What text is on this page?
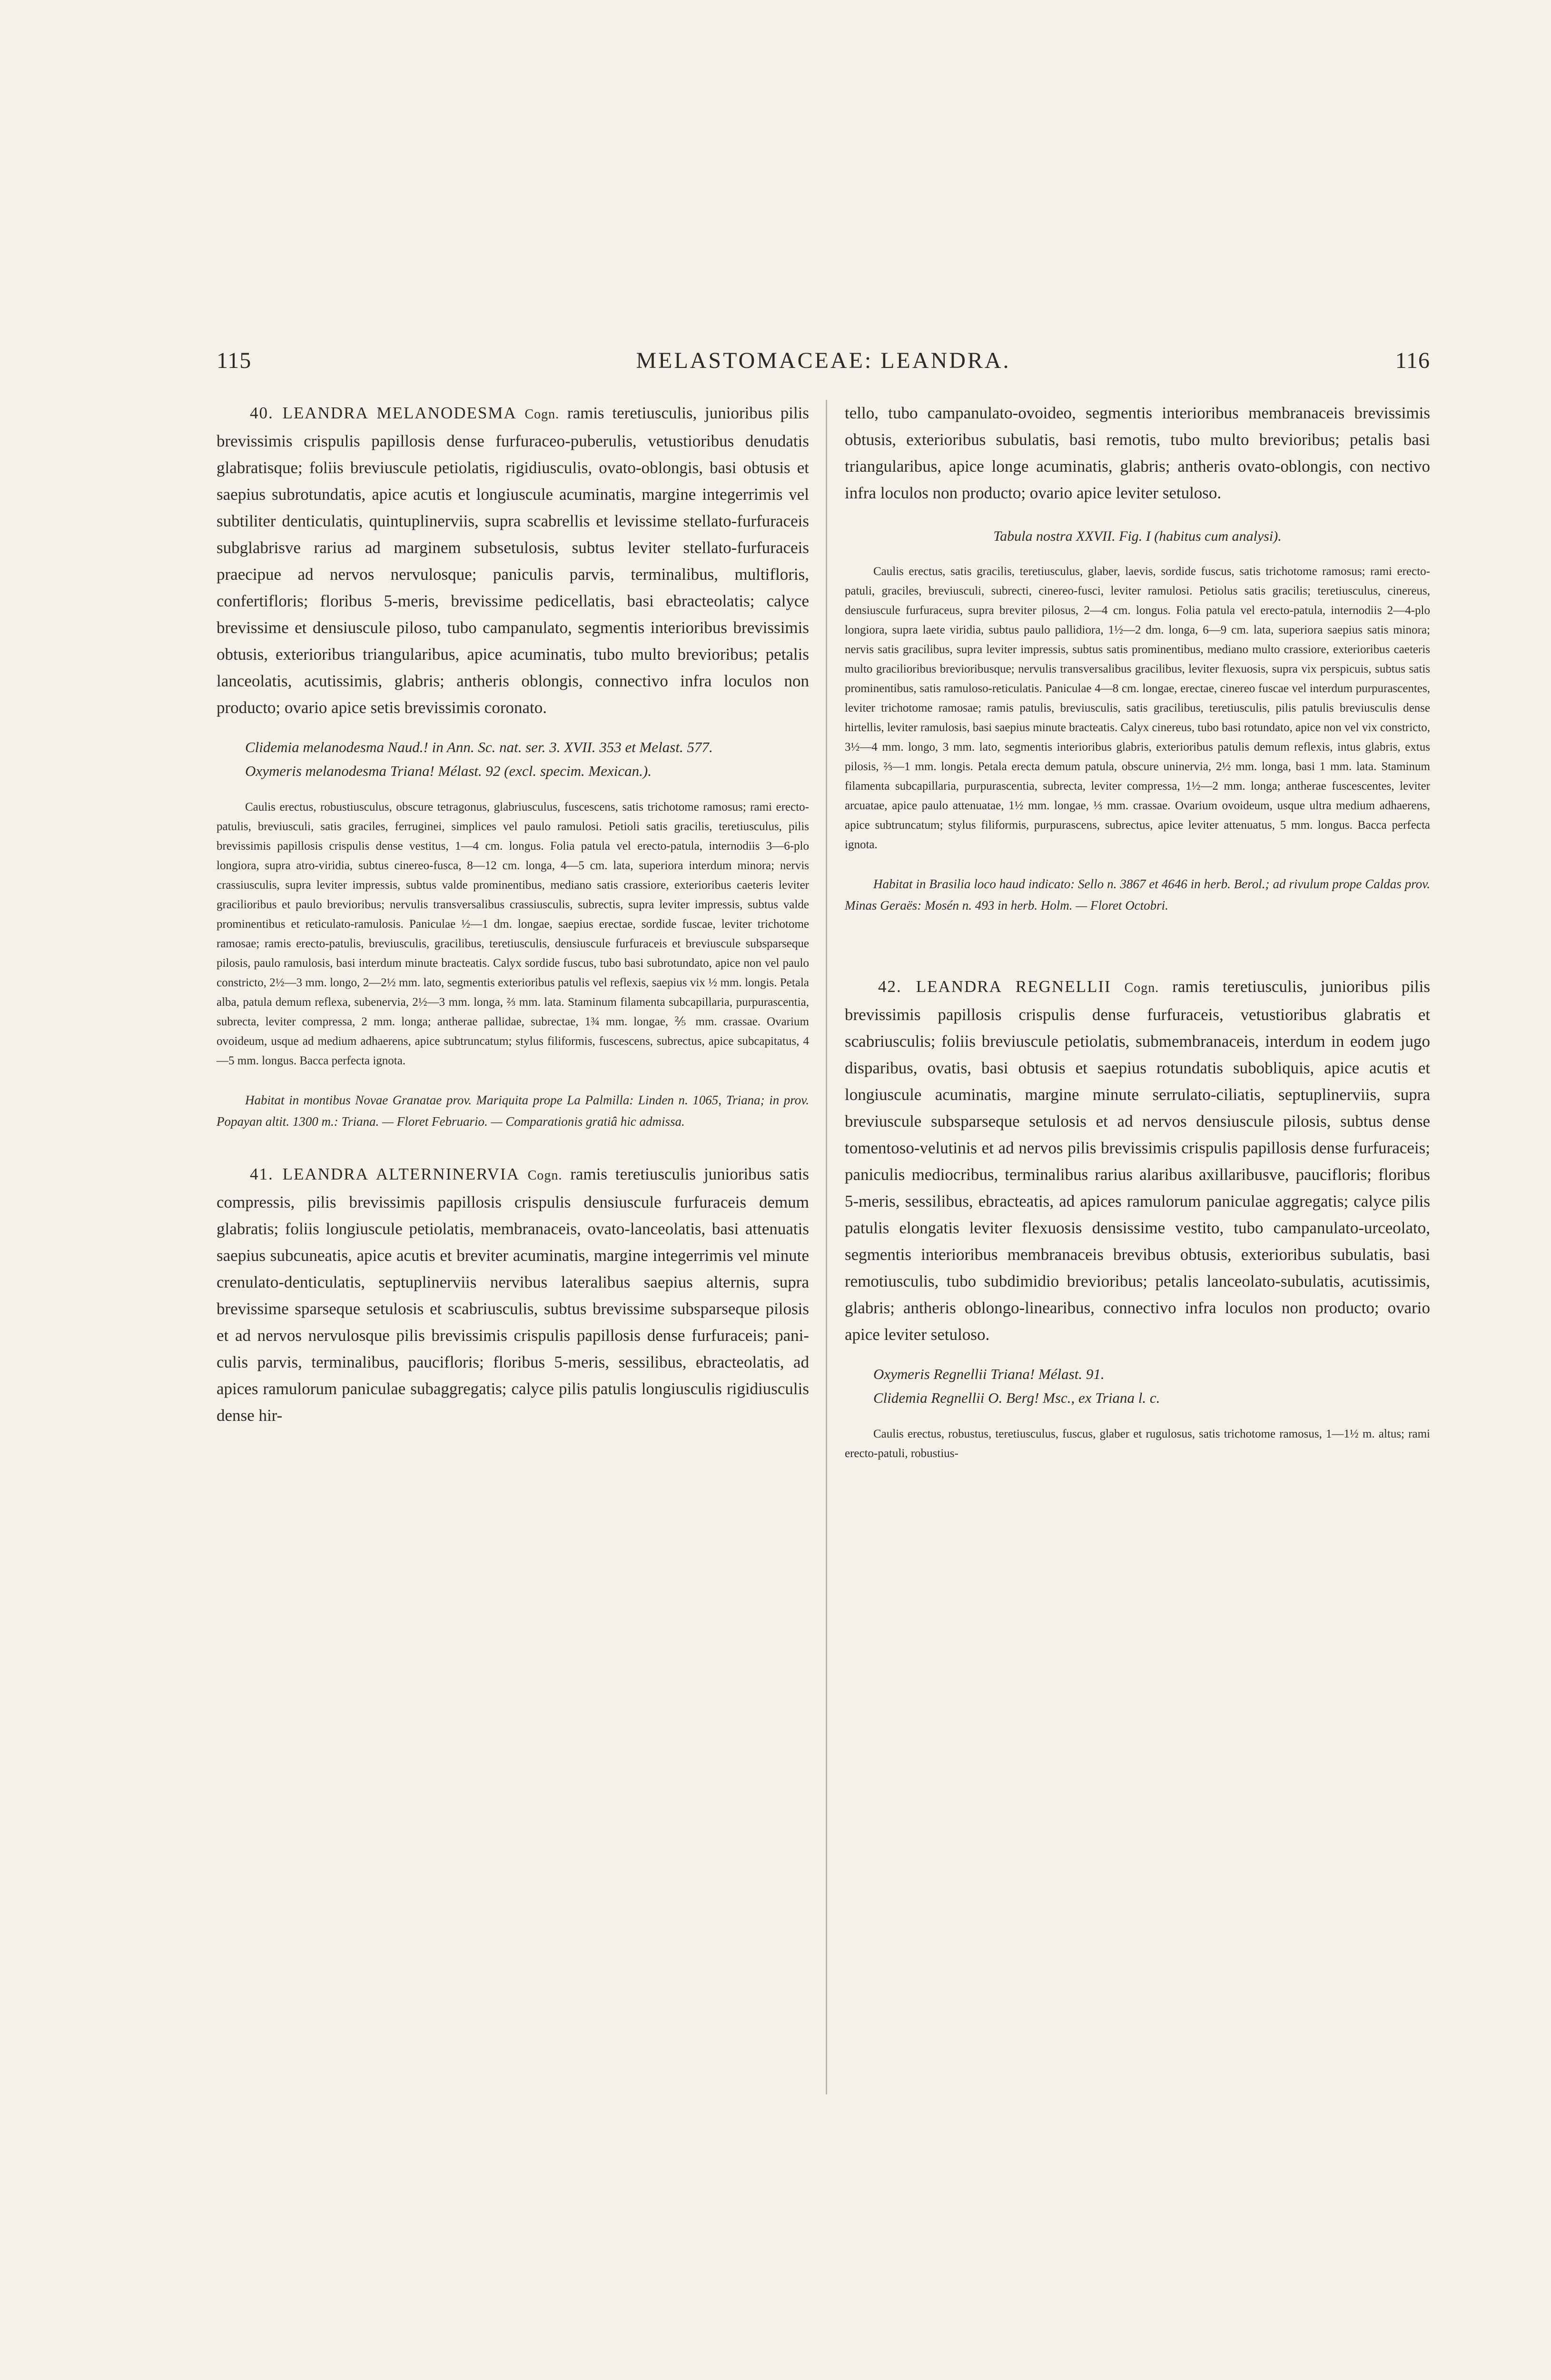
115	MELASTOMACEAE: LEANDRA.	116

40. LEANDRA MELANODESMA Cogn. ramis teretiusculis, junioribus pilis brevissimis crispulis papillosis dense furfuraceo-puberulis, vetustioribus denudatis glabratisque; foliis breviuscule petiolatis, rigidiusculis, ovato-oblongis, basi obtusis et saepius subrotundatis, apice acutis et longiuscule acuminatis, margine integerrimis vel subtiliter denticulatis, quintuplinerviis, supra scabrellis et levissime stellato-furfuraceis subglabrisve rarius ad marginem subsetulosis, subtus leviter stellato-furfuraceis praecipue ad nervos nervulosque; paniculis parvis, terminalibus, multifloris, confertifloris; floribus 5-meris, brevissime pedicellatis, basi ebracteolatis; calyce brevissime et densiuscule piloso, tubo campanulato, segmentis interioribus brevissimis obtusis, exterioribus triangularibus, apice acuminatis, tubo multo brevioribus; petalis lanceolatis, acutissimis, glabris; antheris oblongis, connectivo infra loculos non producto; ovario apice setis brevissimis coronato.

Clidemia melanodesma Naud.! in Ann. Sc. nat. ser. 3. XVII. 353 et Melast. 577.

Oxymeris melanodesma Triana! Mélast. 92 (excl. specim. Mexican.).

Caulis erectus, robustiusculus, obscure tetragonus, glabriusculus, fuscescens, satis trichotome ramosus; rami erecto-patulis, breviusculi, satis graciles, ferruginei, simplices vel paulo ramulosi. Petioli satis gracilis, teretiusculus, pilis brevissimis papillosis crispulis dense vestitus, 1—4 cm. longus. Folia patula vel erecto-patula, internodiis 3—6-plo longiora, supra atro-viridia, subtus cinereo-fusca, 8—12 cm. longa, 4—5 cm. lata, superiora interdum minora; nervis crassiusculis, supra leviter impressis, subtus valde prominentibus, mediano satis crassiore, exterioribus caeteris leviter gracilioribus et paulo brevioribus; nervulis transversalibus crassiusculis, subrectis, supra leviter impressis, subtus valde prominentibus et reticulato-ramulosis. Paniculae ½—1 dm. longae, saepius erectae, sordide fuscae, leviter trichotome ramosae; ramis erecto-patulis, breviusculis, gracilibus, teretiusculis, densiuscule furfuraceis et breviuscule subsparseque pilosis, paulo ramulosis, basi interdum minute bracteatis. Calyx sordide fuscus, tubo basi subrotundato, apice non vel paulo constricto, 2½—3 mm. longo, 2—2½ mm. lato, segmentis exterioribus patulis vel reflexis, saepius vix ½ mm. longis. Petala alba, patula demum reflexa, subenervia, 2½—3 mm. longa, ⅔ mm. lata. Staminum filamenta subcapillaria, purpurascentia, subrecta, leviter compressa, 2 mm. longa; antherae pallidae, subrectae, 1¾ mm. longae, ⅖ mm. crassae. Ovarium ovoideum, usque ad medium adhaerens, apice subtruncatum; stylus filiformis, fuscescens, subrectus, apice subcapitatus, 4—5 mm. longus. Bacca perfecta ignota.

Habitat in montibus Novae Granatae prov. Mariquita prope La Palmilla: Linden n. 1065, Triana; in prov. Popayan altit. 1300 m.: Triana. — Floret Februario. — Comparationis gratiâ hic admissa.

41. LEANDRA ALTERNINERVIA Cogn. ramis teretiusculis junioribus satis compressis, pilis brevissimis papillosis crispulis densiuscule furfuraceis demum glabratis; foliis longiuscule petiolatis, membranaceis, ovato-lanceolatis, basi attenuatis saepius subcuneatis, apice acutis et breviter acuminatis, margine integerrimis vel minute crenulato-denticulatis, septuplinerviis nervibus lateralibus saepius alternis, supra brevissime sparseque setulosis et scabriusculis, subtus brevissime subsparseque pilosis et ad nervos nervulosque pilis brevissimis crispulis papillosis dense furfuraceis; paniculis parvis, terminalibus, paucifloris; floribus 5-meris, sessilibus, ebracteolatis, ad apices ramulorum paniculae subaggregatis; calyce pilis patulis longiusculis rigidiusculis dense hir-

tello, tubo campanulato-ovoideo, segmentis interioribus membranaceis brevissimis obtusis, exterioribus subulatis, basi remotis, tubo multo brevioribus; petalis basi triangularibus, apice longe acuminatis, glabris; antheris ovato-oblongis, con nectivo infra loculos non producto; ovario apice leviter setuloso.

Tabula nostra XXVII. Fig. I (habitus cum analysi).

Caulis erectus, satis gracilis, teretiusculus, glaber, laevis, sordide fuscus, satis trichotome ramosus; rami erecto-patuli, graciles, breviusculi, subrecti, cinereo-fusci, leviter ramulosi. Petiolus satis gracilis; teretiusculus, cinereus, densiuscule furfuraceus, supra breviter pilosus, 2—4 cm. longus. Folia patula vel erecto-patula, internodiis 2—4-plo longiora, supra laete viridia, subtus paulo pallidiora, 1½—2 dm. longa, 6—9 cm. lata, superiora saepius satis minora; nervis satis gracilibus, supra leviter impressis, subtus satis prominentibus, mediano multo crassiore, exterioribus caeteris multo gracilioribus brevioribusque; nervulis transversalibus gracilibus, leviter flexuosis, supra vix perspicuis, subtus satis prominentibus, satis ramuloso-reticulatis. Paniculae 4—8 cm. longae, erectae, cinereo fuscae vel interdum purpurascentes, leviter trichotome ramosae; ramis patulis, breviusculis, satis gracilibus, teretiusculis, pilis patulis breviusculis dense hirtellis, leviter ramulosis, basi saepius minute bracteatis. Calyx cinereus, tubo basi rotundato, apice non vel vix constricto, 3½—4 mm. longo, 3 mm. lato, segmentis interioribus glabris, exterioribus patulis demum reflexis, intus glabris, extus pilosis, ⅔—1 mm. longis. Petala erecta demum patula, obscure uninervia, 2½ mm. longa, basi 1 mm. lata. Staminum filamenta subcapillaria, purpurascentia, subrecta, leviter compressa, 1½—2 mm. longa; antherae fuscescentes, leviter arcuatae, apice paulo attenuatae, 1½ mm. longae, ⅓ mm. crassae. Ovarium ovoideum, usque ultra medium adhaerens, apice subtruncatum; stylus filiformis, purpurascens, subrectus, apice leviter attenuatus, 5 mm. longus. Bacca perfecta ignota.

Habitat in Brasilia loco haud indicato: Sello n. 3867 et 4646 in herb. Berol.; ad rivulum prope Caldas prov. Minas Geraës: Mosén n. 493 in herb. Holm. — Floret Octobri.

42. LEANDRA REGNELLII Cogn. ramis teretiusculis, junioribus pilis brevissimis papillosis crispulis dense furfuraceis, vetustioribus glabratis et scabriusculis; foliis breviuscule petiolatis, submembranaceis, interdum in eodem jugo disparibus, ovatis, basi obtusis et saepius rotundatis subobliquis, apice acutis et longiuscule acuminatis, margine minute serrulato-ciliatis, septuplinerviis, supra breviuscule subsparseque setulosis et ad nervos densiuscule pilosis, subtus dense tomentoso-velutinis et ad nervos pilis brevissimis crispulis papillosis dense furfuraceis; paniculis mediocribus, terminalibus rarius alaribus axillaribusve, paucifloris; floribus 5-meris, sessilibus, ebracteatis, ad apices ramulorum paniculae aggregatis; calyce pilis patulis elongatis leviter flexuosis densissime vestito, tubo campanulato-urceolato, segmentis interioribus membranaceis brevibus obtusis, exterioribus subulatis, basi remotiusculis, tubo subdimidio brevioribus; petalis lanceolato-subulatis, acutissimis, glabris; antheris oblongo-linearibus, connectivo infra loculos non producto; ovario apice leviter setuloso.

Oxymeris Regnellii Triana! Mélast. 91.

Clidemia Regnellii O. Berg! Msc., ex Triana l. c.

Caulis erectus, robustus, teretiusculus, fuscus, glaber et rugulosus, satis trichotome ramosus, 1—1½ m. altus; rami erecto-patuli, robustius-
